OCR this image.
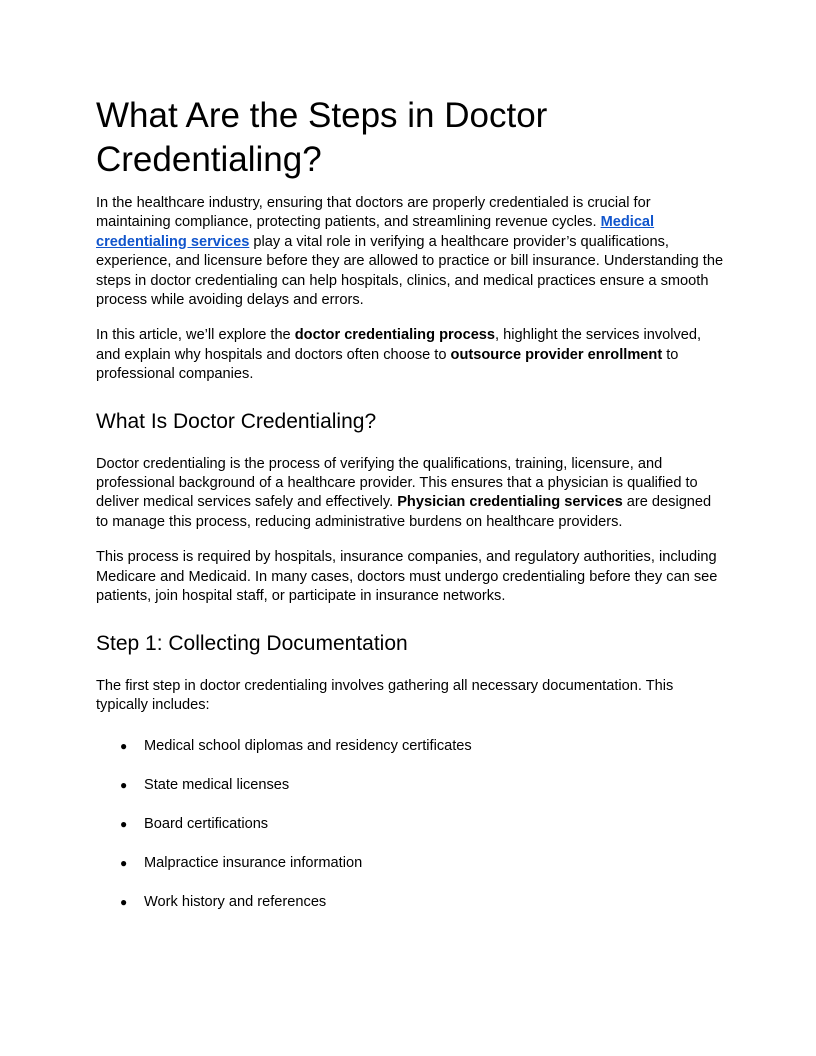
What Are the Steps in Doctor Credentialing?

In the healthcare industry, ensuring that doctors are properly credentialed is crucial for maintaining compliance, protecting patients, and streamlining revenue cycles. Medical credentialing services play a vital role in verifying a healthcare provider’s qualifications, experience, and licensure before they are allowed to practice or bill insurance. Understanding the steps in doctor credentialing can help hospitals, clinics, and medical practices ensure a smooth process while avoiding delays and errors.

In this article, we’ll explore the doctor credentialing process, highlight the services involved, and explain why hospitals and doctors often choose to outsource provider enrollment to professional companies.

What Is Doctor Credentialing?

Doctor credentialing is the process of verifying the qualifications, training, licensure, and professional background of a healthcare provider. This ensures that a physician is qualified to deliver medical services safely and effectively. Physician credentialing services are designed to manage this process, reducing administrative burdens on healthcare providers.

This process is required by hospitals, insurance companies, and regulatory authorities, including Medicare and Medicaid. In many cases, doctors must undergo credentialing before they can see patients, join hospital staff, or participate in insurance networks.

Step 1: Collecting Documentation

The first step in doctor credentialing involves gathering all necessary documentation. This typically includes:

● Medical school diplomas and residency certificates
● State medical licenses
● Board certifications
● Malpractice insurance information
● Work history and references
